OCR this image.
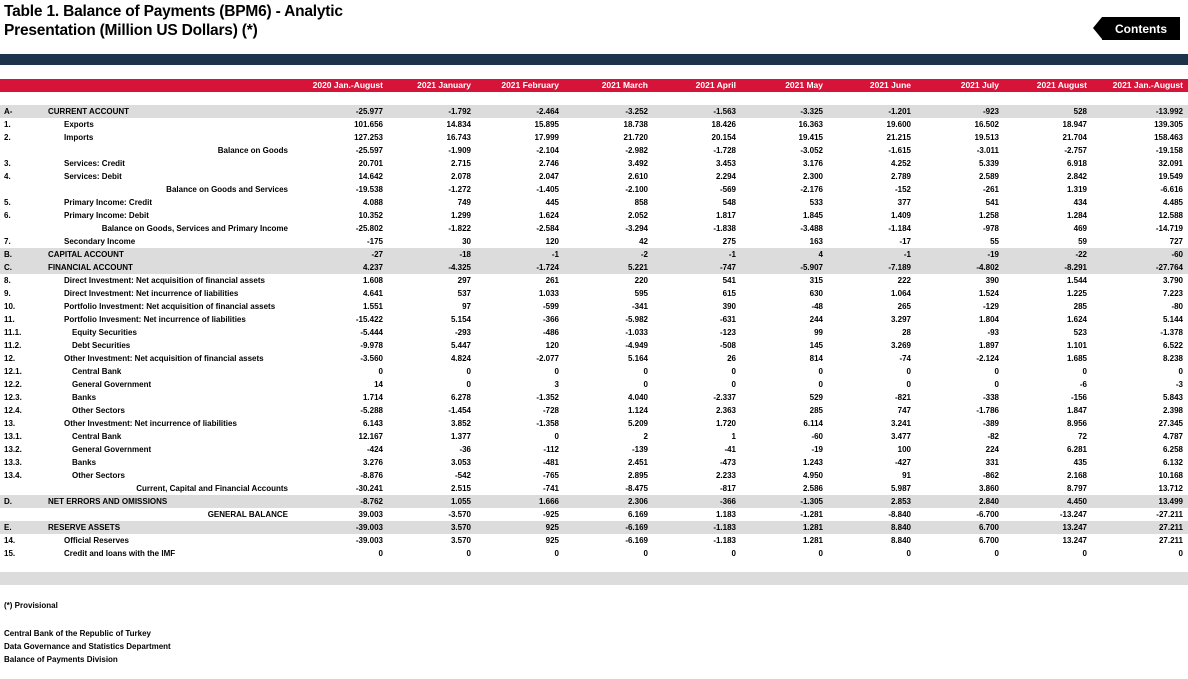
Table 1. Balance of Payments (BPM6) - Analytic
Presentation (Million US Dollars) (*)	Contents
2020 Jan.-August	2021 January	2021 February	2021 March	2021 April	2021 May	2021 June	2021 July	2021 August	2021 Jan.-August
A-	CURRENT ACCOUNT	-25.977	-1.792	-2.464	-3.252	-1.563	-3.325	-1.201	-923	528	-13.992
1.	Exports	101.656	14.834	15.895	18.738	18.426	16.363	19.600	16.502	18.947	139.305
2.	Imports	127.253	16.743	17.999	21.720	20.154	19.415	21.215	19.513	21.704	158.463
Balance on Goods	-25.597	-1.909	-2.104	-2.982	-1.728	-3.052	-1.615	-3.011	-2.757	-19.158
3.	Services: Credit	20.701	2.715	2.746	3.492	3.453	3.176	4.252	5.339	6.918	32.091
4.	Services: Debit	14.642	2.078	2.047	2.610	2.294	2.300	2.789	2.589	2.842	19.549
Balance on Goods and Services	-19.538	-1.272	-1.405	-2.100	-569	-2.176	-152	-261	1.319	-6.616
5.	Primary Income: Credit	4.088	749	445	858	548	533	377	541	434	4.485
6.	Primary Income: Debit	10.352	1.299	1.624	2.052	1.817	1.845	1.409	1.258	1.284	12.588
Balance on Goods, Services and Primary Income	-25.802	-1.822	-2.584	-3.294	-1.838	-3.488	-1.184	-978	469	-14.719
7.	Secondary Income	-175	30	120	42	275	163	-17	55	59	727
B.	CAPITAL ACCOUNT	-27	-18	-1	-2	-1	4	-1	-19	-22	-60
C.	FINANCIAL ACCOUNT	4.237	-4.325	-1.724	5.221	-747	-5.907	-7.189	-4.802	-8.291	-27.764
8.	Direct Investment: Net acquisition of financial assets	1.608	297	261	220	541	315	222	390	1.544	3.790
9.	Direct Investment: Net incurrence of liabilities	4.641	537	1.033	595	615	630	1.064	1.524	1.225	7.223
10.	Portfolio Investment: Net acquisition of financial assets	1.551	97	-599	-341	390	-48	265	-129	285	-80
11.	Portfolio Invesment: Net incurrence of liabilities	-15.422	5.154	-366	-5.982	-631	244	3.297	1.804	1.624	5.144
11.1.	Equity Securities	-5.444	-293	-486	-1.033	-123	99	28	-93	523	-1.378
11.2.	Debt Securities	-9.978	5.447	120	-4.949	-508	145	3.269	1.897	1.101	6.522
12.	Other Investment: Net acquisition of financial assets	-3.560	4.824	-2.077	5.164	26	814	-74	-2.124	1.685	8.238
12.1.	Central Bank	0	0	0	0	0	0	0	0	0	0
12.2.	General Government	14	0	3	0	0	0	0	0	-6	-3
12.3.	Banks	1.714	6.278	-1.352	4.040	-2.337	529	-821	-338	-156	5.843
12.4.	Other Sectors	-5.288	-1.454	-728	1.124	2.363	285	747	-1.786	1.847	2.398
13.	Other Investment: Net incurrence of liabilities	6.143	3.852	-1.358	5.209	1.720	6.114	3.241	-389	8.956	27.345
13.1.	Central Bank	12.167	1.377	0	2	1	-60	3.477	-82	72	4.787
13.2.	General Government	-424	-36	-112	-139	-41	-19	100	224	6.281	6.258
13.3.	Banks	3.276	3.053	-481	2.451	-473	1.243	-427	331	435	6.132
13.4.	Other Sectors	-8.876	-542	-765	2.895	2.233	4.950	91	-862	2.168	10.168
Current, Capital and Financial Accounts	-30.241	2.515	-741	-8.475	-817	2.586	5.987	3.860	8.797	13.712
D.	NET ERRORS AND OMISSIONS	-8.762	1.055	1.666	2.306	-366	-1.305	2.853	2.840	4.450	13.499
GENERAL BALANCE	39.003	-3.570	-925	6.169	1.183	-1.281	-8.840	-6.700	-13.247	-27.211
E.	RESERVE ASSETS	-39.003	3.570	925	-6.169	-1.183	1.281	8.840	6.700	13.247	27.211
14.	Official Reserves	-39.003	3.570	925	-6.169	-1.183	1.281	8.840	6.700	13.247	27.211
15.	Credit and loans with the IMF	0	0	0	0	0	0	0	0	0	0
(*) Provisional
Central Bank of the Republic of Turkey
Data Governance and Statistics Department
Balance of Payments Division
